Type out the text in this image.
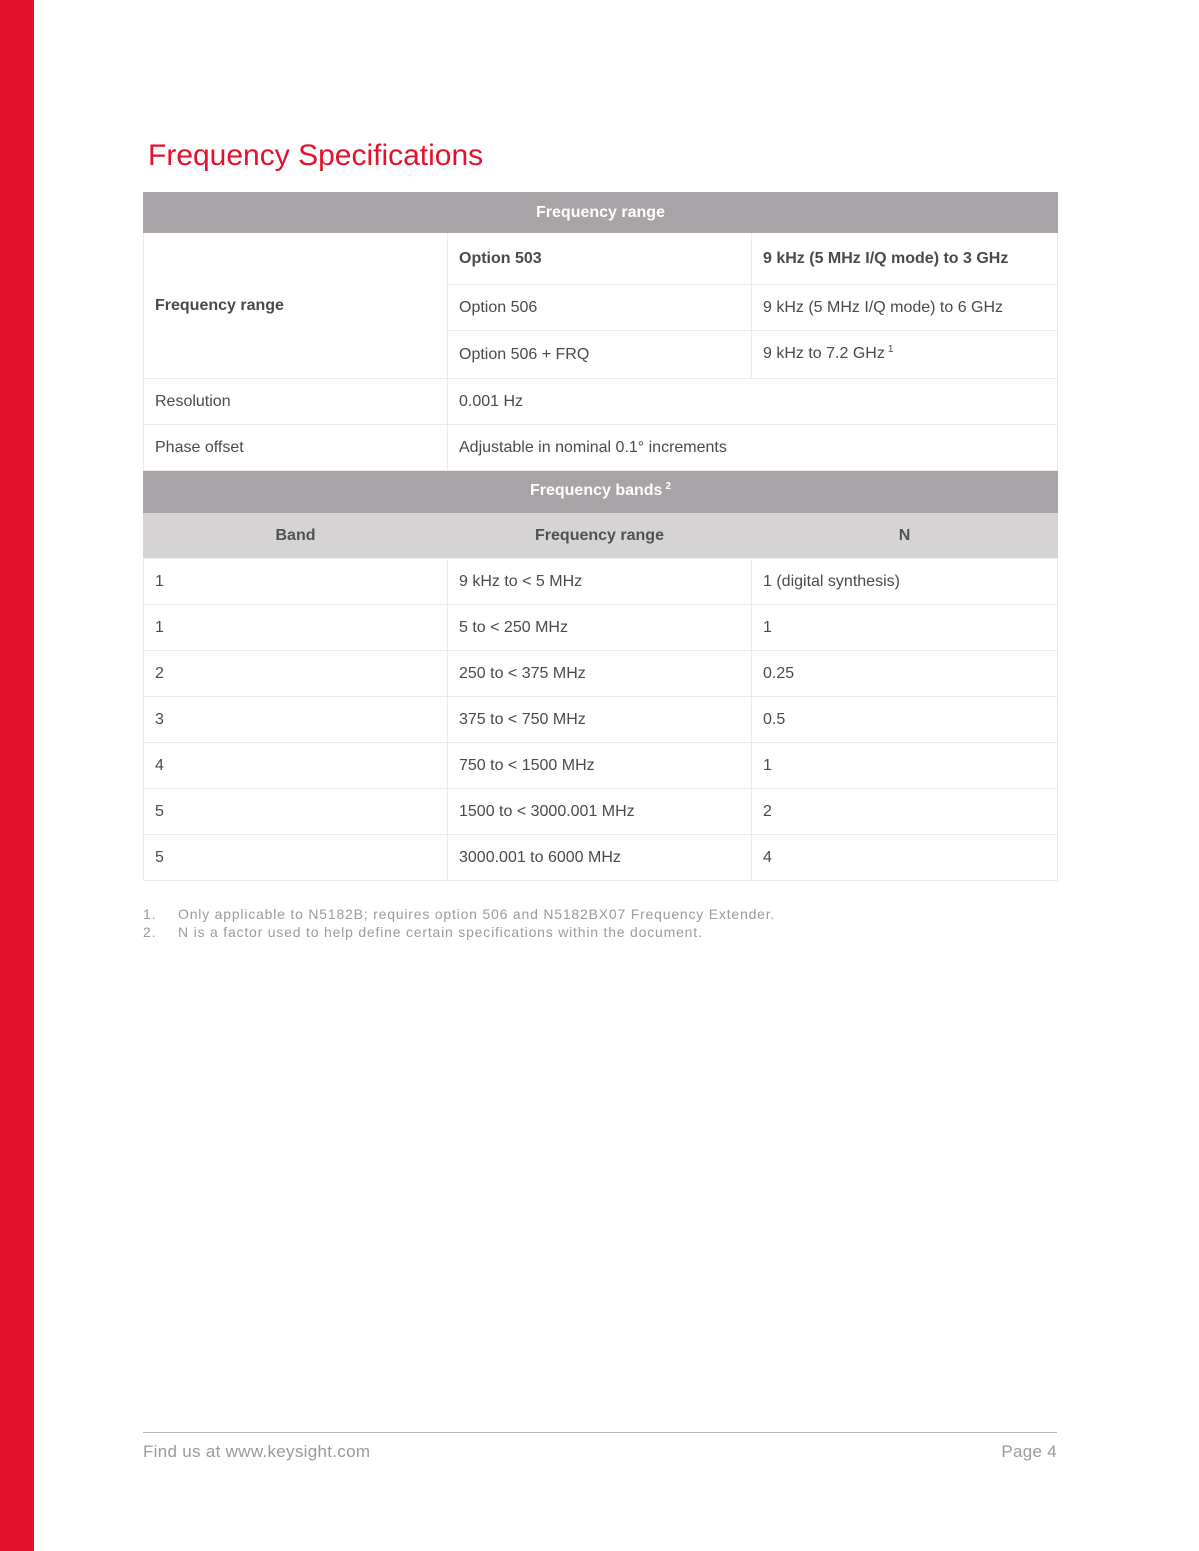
Frequency Specifications
Frequency range		
Frequency range	Option 503	9 kHz (5 MHz I/Q mode) to 3 GHz
	Option 506	9 kHz (5 MHz I/Q mode) to 6 GHz
	Option 506 + FRQ	9 kHz to 7.2 GHz $^1$
Resolution	0.001 Hz	
Phase offset	Adjustable in nominal 0.1° increments	
Frequency bands $^2$
Band	Frequency range	N
1	9 kHz to < 5 MHz	1 (digital synthesis)
1	5 to < 250 MHz	1
2	250 to < 375 MHz	0.25
3	375 to < 750 MHz	0.5
4	750 to < 1500 MHz	1
5	1500 to < 3000.001 MHz	2
5	3000.001 to 6000 MHz	4
1.	Only applicable to N5182B; requires option 506 and N5182BX07 Frequency Extender.
2.	N is a factor used to help define certain specifications within the document.
Find us at www.keysight.com	Page 4
